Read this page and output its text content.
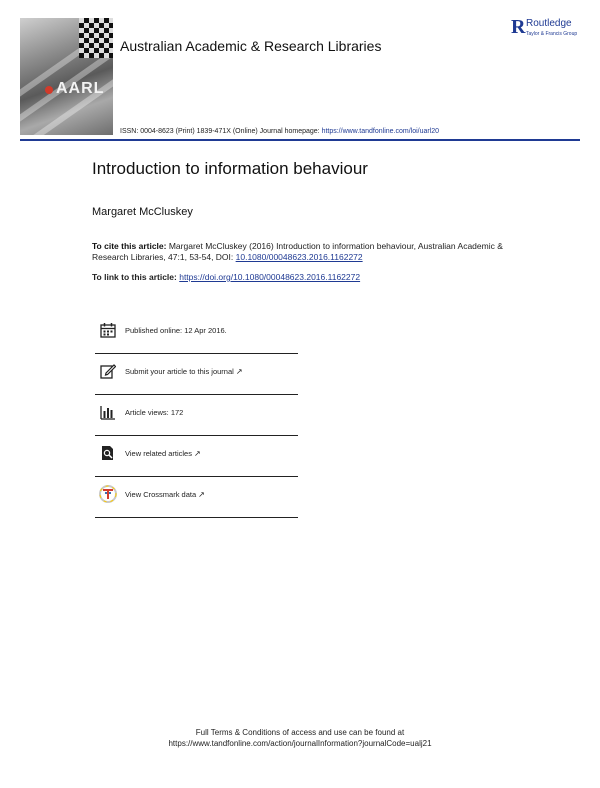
AARL
Australian Academic & Research Libraries
ISSN: 0004-8623 (Print) 1839-471X (Online) Journal homepage: https://www.tandfonline.com/loi/uarl20
R Routledge
Taylor & Francis Group
Introduction to information behaviour
Margaret McCluskey
To cite this article: Margaret McCluskey (2016) Introduction to information behaviour, Australian Academic & Research Libraries, 47:1, 53-54, DOI: 10.1080/00048623.2016.1162272
To link to this article: https://doi.org/10.1080/00048623.2016.1162272
Published online: 12 Apr 2016.
Submit your article to this journal ↗
Article views: 172
View related articles ↗
View Crossmark data ↗
Full Terms & Conditions of access and use can be found at
https://www.tandfonline.com/action/journalInformation?journalCode=ualj21
